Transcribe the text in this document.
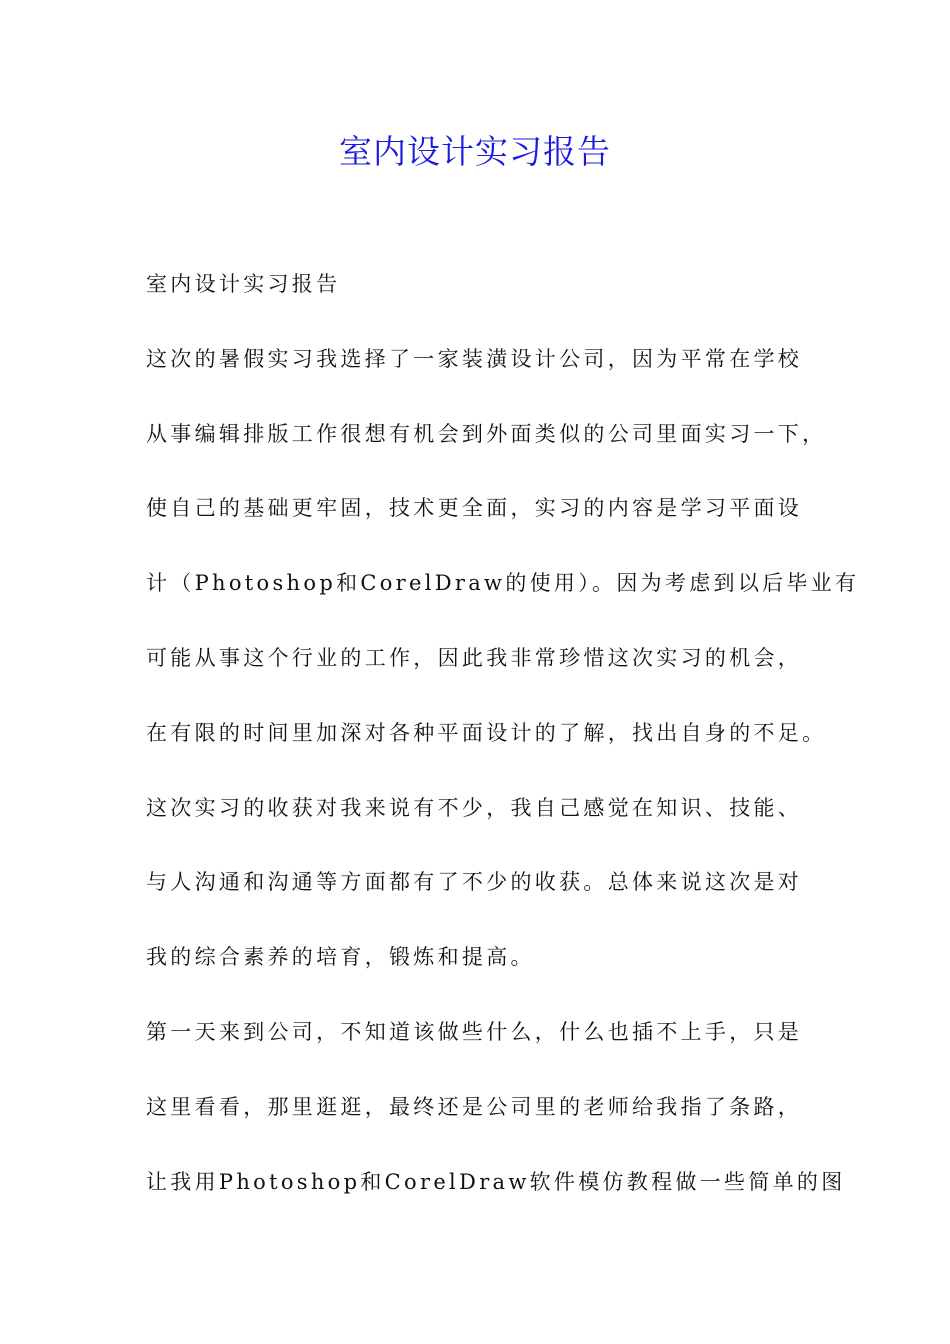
室内设计实习报告
室内设计实习报告
这次的暑假实习我选择了一家装潢设计公司，因为平常在学校
从事编辑排版工作很想有机会到外面类似的公司里面实习一下，
使自己的基础更牢固，技术更全面，实习的内容是学习平面设
计（Photoshop和CorelDraw的使用）。因为考虑到以后毕业有
可能从事这个行业的工作，因此我非常珍惜这次实习的机会，
在有限的时间里加深对各种平面设计的了解，找出自身的不足。
这次实习的收获对我来说有不少，我自己感觉在知识、技能、
与人沟通和沟通等方面都有了不少的收获。总体来说这次是对
我的综合素养的培育，锻炼和提高。
第一天来到公司，不知道该做些什么，什么也插不上手，只是
这里看看，那里逛逛，最终还是公司里的老师给我指了条路，
让我用Photoshop和CorelDraw软件模仿教程做一些简单的图
